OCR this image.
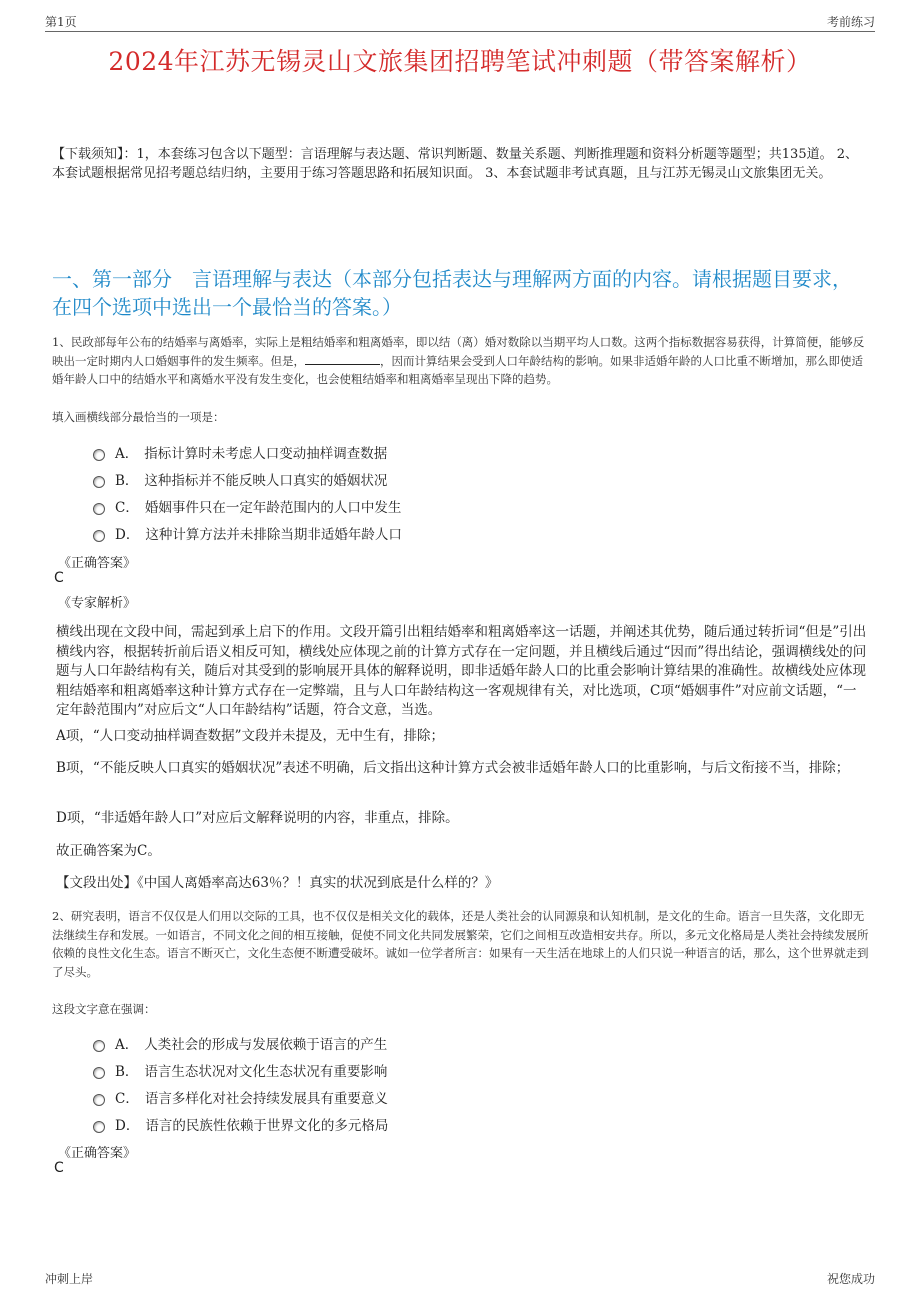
第1页	考前练习
2024年江苏无锡灵山文旅集团招聘笔试冲刺题（带答案解析）
【下载须知】：1，本套练习包含以下题型：言语理解与表达题、常识判断题、数量关系题、判断推理题和资料分析题等题型；共135道。 2、本套试题根据常见招考题总结归纳，主要用于练习答题思路和拓展知识面。 3、本套试题非考试真题，且与江苏无锡灵山文旅集团无关。
一、第一部分　言语理解与表达（本部分包括表达与理解两方面的内容。请根据题目要求，在四个选项中选出一个最恰当的答案。）
1、民政部每年公布的结婚率与离婚率，实际上是粗结婚率和粗离婚率，即以结（离）婚对数除以当期平均人口数。这两个指标数据容易获得，计算简便，能够反映出一定时期内人口婚姻事件的发生频率。但是，	，因而计算结果会受到人口年龄结构的影响。如果非适婚年龄的人口比重不断增加，那么即使适婚年龄人口中的结婚水平和离婚水平没有发生变化，也会使粗结婚率和粗离婚率呈现出下降的趋势。
填入画横线部分最恰当的一项是：
A． 指标计算时未考虑人口变动抽样调查数据
B． 这种指标并不能反映人口真实的婚姻状况
C． 婚姻事件只在一定年龄范围内的人口中发生
D． 这种计算方法并未排除当期非适婚年龄人口
《正确答案》
C
《专家解析》
横线出现在文段中间，需起到承上启下的作用。文段开篇引出粗结婚率和粗离婚率这一话题，并阐述其优势，随后通过转折词“但是”引出横线内容，根据转折前后语义相反可知，横线处应体现之前的计算方式存在一定问题，并且横线后通过“因而”得出结论，强调横线处的问题与人口年龄结构有关，随后对其受到的影响展开具体的解释说明，即非适婚年龄人口的比重会影响计算结果的准确性。故横线处应体现粗结婚率和粗离婚率这种计算方式存在一定弊端，且与人口年龄结构这一客观规律有关，对比选项，C项“婚姻事件”对应前文话题，“一定年龄范围内”对应后文“人口年龄结构”话题，符合文意，当选。
A项，“人口变动抽样调查数据”文段并未提及，无中生有，排除；
B项，“不能反映人口真实的婚姻状况”表述不明确，后文指出这种计算方式会被非适婚年龄人口的比重影响，与后文衔接不当，排除；
D项，“非适婚年龄人口”对应后文解释说明的内容，非重点，排除。
故正确答案为C。
【文段出处】《中国人离婚率高达63％？！真实的状况到底是什么样的？》
2、研究表明，语言不仅仅是人们用以交际的工具，也不仅仅是相关文化的载体，还是人类社会的认同源泉和认知机制，是文化的生命。语言一旦失落，文化即无法继续生存和发展。一如语言，不同文化之间的相互接触，促使不同文化共同发展繁荣，它们之间相互改造相安共存。所以，多元文化格局是人类社会持续发展所依赖的良性文化生态。语言不断灭亡，文化生态便不断遭受破坏。诚如一位学者所言：如果有一天生活在地球上的人们只说一种语言的话，那么，这个世界就走到了尽头。
这段文字意在强调：
A． 人类社会的形成与发展依赖于语言的产生
B． 语言生态状况对文化生态状况有重要影响
C． 语言多样化对社会持续发展具有重要意义
D． 语言的民族性依赖于世界文化的多元格局
《正确答案》
C
冲刺上岸	祝您成功
